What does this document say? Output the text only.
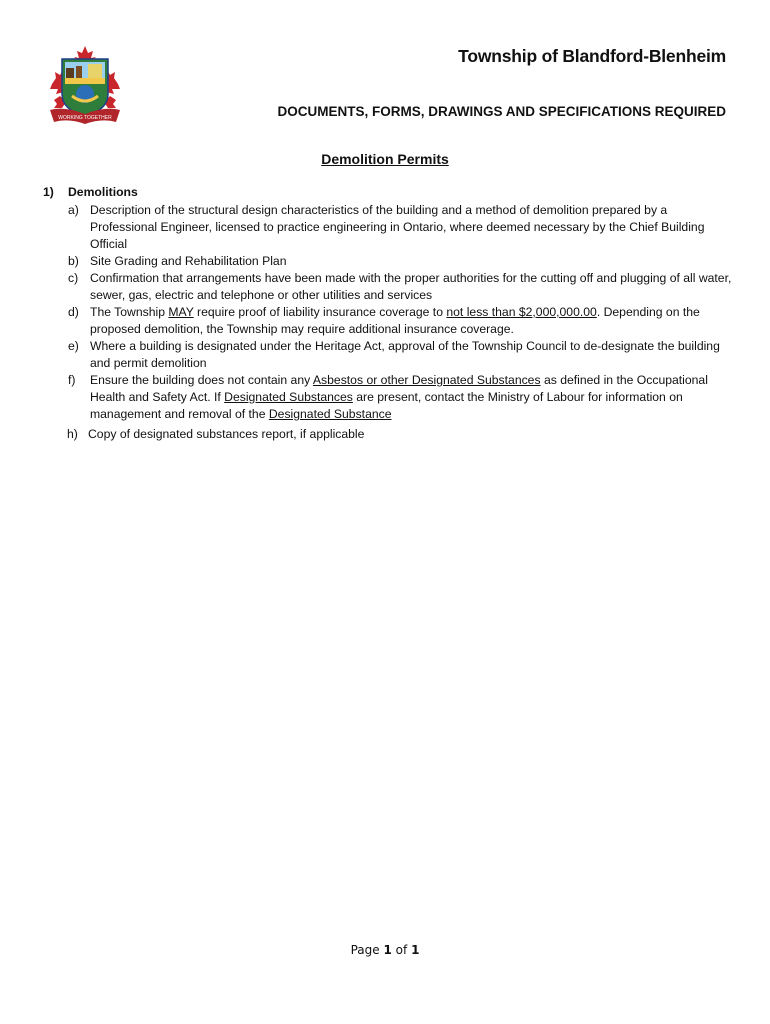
WORKING TOGETHER
Township of Blandford-Blenheim
DOCUMENTS, FORMS, DRAWINGS AND SPECIFICATIONS REQUIRED
Demolition Permits
1) Demolitions
a) Description of the structural design characteristics of the building and a method of demolition prepared by a Professional Engineer, licensed to practice engineering in Ontario, where deemed necessary by the Chief Building Official
b) Site Grading and Rehabilitation Plan
c) Confirmation that arrangements have been made with the proper authorities for the cutting off and plugging of all water, sewer, gas, electric and telephone or other utilities and services
d) The Township MAY require proof of liability insurance coverage to not less than $2,000,000.00. Depending on the proposed demolition, the Township may require additional insurance coverage.
e) Where a building is designated under the Heritage Act, approval of the Township Council to de-designate the building and permit demolition
f) Ensure the building does not contain any Asbestos or other Designated Substances as defined in the Occupational Health and Safety Act. If Designated Substances are present, contact the Ministry of Labour for information on management and removal of the Designated Substance
h) Copy of designated substances report, if applicable
Page 1 of 1
